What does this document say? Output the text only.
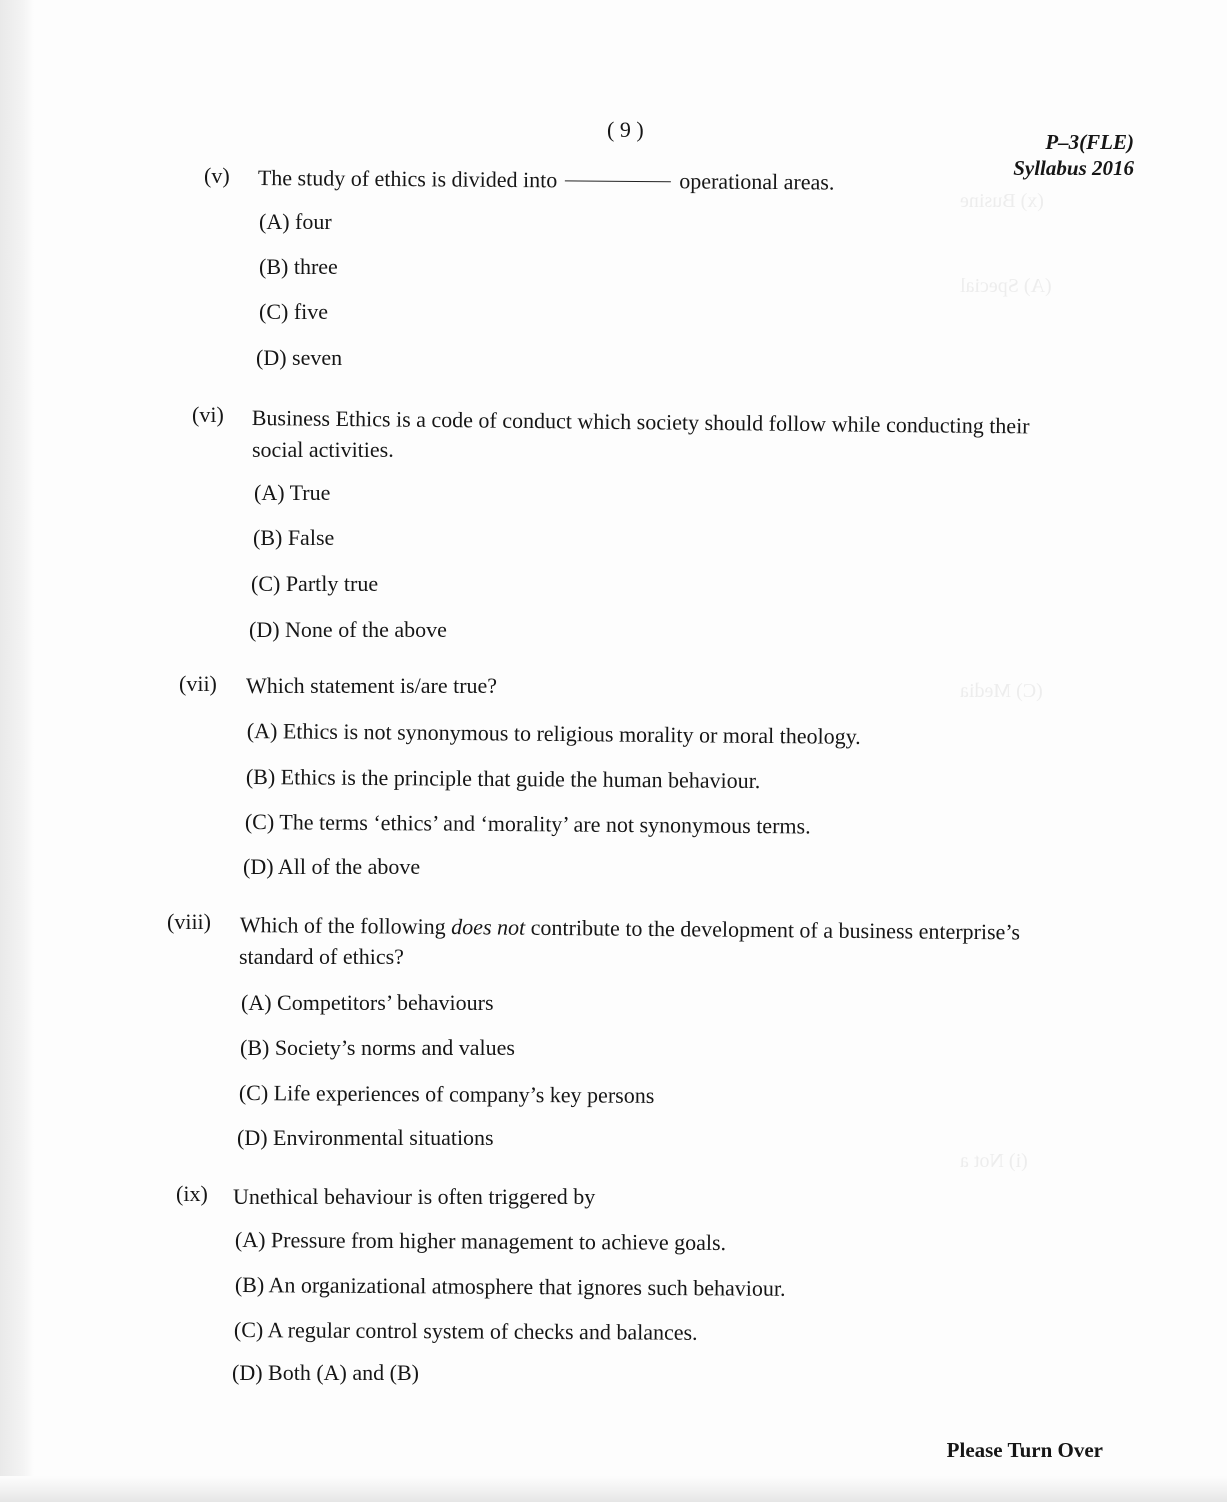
(x) Busine
(A) Special
(C) Media
(i) Not a
( 9 )	P–3(FLE)
Syllabus 2016
(v) The study of ethics is divided into	operational areas.
(A) four
(B) three
(C) five
(D) seven
(vi) Business Ethics is a code of conduct which society should follow while conducting their
social activities.
(A) True
(B) False
(C) Partly true
(D) None of the above
(vii) Which statement is/are true?
(A) Ethics is not synonymous to religious morality or moral theology.
(B) Ethics is the principle that guide the human behaviour.
(C) The terms ‘ethics’ and ‘morality’ are not synonymous terms.
(D) All of the above
(viii) Which of the following does not contribute to the development of a business enterprise’s
standard of ethics?
(A) Competitors’ behaviours
(B) Society’s norms and values
(C) Life experiences of company’s key persons
(D) Environmental situations
(ix) Unethical behaviour is often triggered by
(A) Pressure from higher management to achieve goals.
(B) An organizational atmosphere that ignores such behaviour.
(C) A regular control system of checks and balances.
(D) Both (A) and (B)
Please Turn Over
